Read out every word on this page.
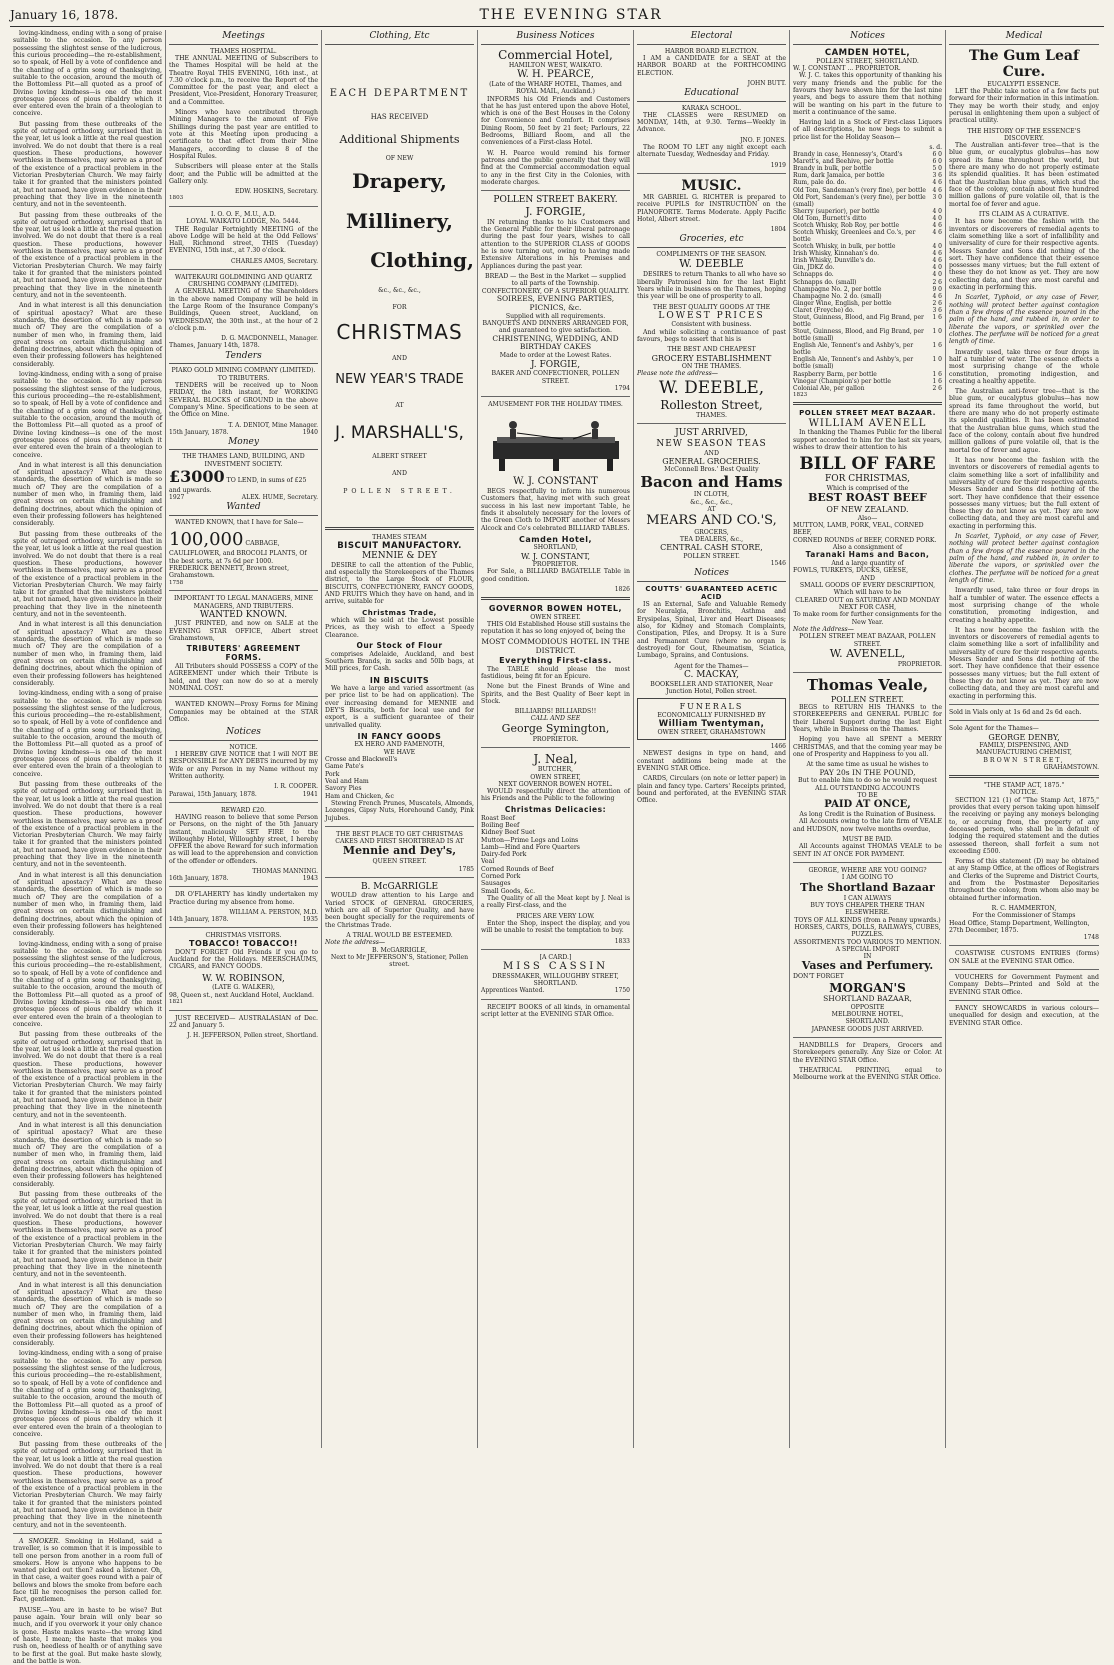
January 16, 1878.	THE EVENING STAR

loving-kindness, ending with a song of praise suitable to the occasion. To any person possessing the slightest sense of the ludicrous, this curious proceeding—the re-establishment, so to speak, of Hell by a vote of confidence and the chanting of a grim song of thanksgiving, suitable to the occasion, around the mouth of the Bottomless Pit—all quoted as a proof of Divine loving kindness—is one of the most grotesque pieces of pious ribaldry which it ever entered even the brain of a theologian to conceive.

But passing from these outbreaks of the spite of outraged orthodoxy, surprised that in the year, let us look a little at the real question involved. We do not doubt that there is a real question. These productions, however worthless in themselves, may serve as a proof of the existence of a practical problem in the Victorian Presbyterian Church. We may fairly take it for granted that the ministers pointed at, but not named, have given evidence in their preaching that they live in the nineteenth century, and not in the seventeenth.

But passing from these outbreaks of the spite of outraged orthodoxy, surprised that in the year, let us look a little at the real question involved. We do not doubt that there is a real question. These productions, however worthless in themselves, may serve as a proof of the existence of a practical problem in the Victorian Presbyterian Church. We may fairly take it for granted that the ministers pointed at, but not named, have given evidence in their preaching that they live in the nineteenth century, and not in the seventeenth.

And in what interest is all this denunciation of spiritual apostacy? What are these standards, the desertion of which is made so much of? They are the compilation of a number of men who, in framing them, laid great stress on certain distinguishing and defining doctrines, about which the opinion of even their professing followers has heightened considerably.

loving-kindness, ending with a song of praise suitable to the occasion. To any person possessing the slightest sense of the ludicrous, this curious proceeding—the re-establishment, so to speak, of Hell by a vote of confidence and the chanting of a grim song of thanksgiving, suitable to the occasion, around the mouth of the Bottomless Pit—all quoted as a proof of Divine loving kindness—is one of the most grotesque pieces of pious ribaldry which it ever entered even the brain of a theologian to conceive.

And in what interest is all this denunciation of spiritual apostacy? What are these standards, the desertion of which is made so much of? They are the compilation of a number of men who, in framing them, laid great stress on certain distinguishing and defining doctrines, about which the opinion of even their professing followers has heightened considerably.

But passing from these outbreaks of the spite of outraged orthodoxy, surprised that in the year, let us look a little at the real question involved. We do not doubt that there is a real question. These productions, however worthless in themselves, may serve as a proof of the existence of a practical problem in the Victorian Presbyterian Church. We may fairly take it for granted that the ministers pointed at, but not named, have given evidence in their preaching that they live in the nineteenth century, and not in the seventeenth.

And in what interest is all this denunciation of spiritual apostacy? What are these standards, the desertion of which is made so much of? They are the compilation of a number of men who, in framing them, laid great stress on certain distinguishing and defining doctrines, about which the opinion of even their professing followers has heightened considerably.

loving-kindness, ending with a song of praise suitable to the occasion. To any person possessing the slightest sense of the ludicrous, this curious proceeding—the re-establishment, so to speak, of Hell by a vote of confidence and the chanting of a grim song of thanksgiving, suitable to the occasion, around the mouth of the Bottomless Pit—all quoted as a proof of Divine loving kindness—is one of the most grotesque pieces of pious ribaldry which it ever entered even the brain of a theologian to conceive.

But passing from these outbreaks of the spite of outraged orthodoxy, surprised that in the year, let us look a little at the real question involved. We do not doubt that there is a real question. These productions, however worthless in themselves, may serve as a proof of the existence of a practical problem in the Victorian Presbyterian Church. We may fairly take it for granted that the ministers pointed at, but not named, have given evidence in their preaching that they live in the nineteenth century, and not in the seventeenth.

And in what interest is all this denunciation of spiritual apostacy? What are these standards, the desertion of which is made so much of? They are the compilation of a number of men who, in framing them, laid great stress on certain distinguishing and defining doctrines, about which the opinion of even their professing followers has heightened considerably.

loving-kindness, ending with a song of praise suitable to the occasion. To any person possessing the slightest sense of the ludicrous, this curious proceeding—the re-establishment, so to speak, of Hell by a vote of confidence and the chanting of a grim song of thanksgiving, suitable to the occasion, around the mouth of the Bottomless Pit—all quoted as a proof of Divine loving kindness—is one of the most grotesque pieces of pious ribaldry which it ever entered even the brain of a theologian to conceive.

But passing from these outbreaks of the spite of outraged orthodoxy, surprised that in the year, let us look a little at the real question involved. We do not doubt that there is a real question. These productions, however worthless in themselves, may serve as a proof of the existence of a practical problem in the Victorian Presbyterian Church. We may fairly take it for granted that the ministers pointed at, but not named, have given evidence in their preaching that they live in the nineteenth century, and not in the seventeenth.

And in what interest is all this denunciation of spiritual apostacy? What are these standards, the desertion of which is made so much of? They are the compilation of a number of men who, in framing them, laid great stress on certain distinguishing and defining doctrines, about which the opinion of even their professing followers has heightened considerably.

But passing from these outbreaks of the spite of outraged orthodoxy, surprised that in the year, let us look a little at the real question involved. We do not doubt that there is a real question. These productions, however worthless in themselves, may serve as a proof of the existence of a practical problem in the Victorian Presbyterian Church. We may fairly take it for granted that the ministers pointed at, but not named, have given evidence in their preaching that they live in the nineteenth century, and not in the seventeenth.

And in what interest is all this denunciation of spiritual apostacy? What are these standards, the desertion of which is made so much of? They are the compilation of a number of men who, in framing them, laid great stress on certain distinguishing and defining doctrines, about which the opinion of even their professing followers has heightened considerably.

loving-kindness, ending with a song of praise suitable to the occasion. To any person possessing the slightest sense of the ludicrous, this curious proceeding—the re-establishment, so to speak, of Hell by a vote of confidence and the chanting of a grim song of thanksgiving, suitable to the occasion, around the mouth of the Bottomless Pit—all quoted as a proof of Divine loving kindness—is one of the most grotesque pieces of pious ribaldry which it ever entered even the brain of a theologian to conceive.

But passing from these outbreaks of the spite of outraged orthodoxy, surprised that in the year, let us look a little at the real question involved. We do not doubt that there is a real question. These productions, however worthless in themselves, may serve as a proof of the existence of a practical problem in the Victorian Presbyterian Church. We may fairly take it for granted that the ministers pointed at, but not named, have given evidence in their preaching that they live in the nineteenth century, and not in the seventeenth.

A SMOKER. Smoking in Holland, said a traveller, is so common that it is impossible to tell one person from another in a room full of smokers. How is anyone who happens to be wanted picked out then? asked a listener. Oh, in that case, a waiter goes round with a pair of bellows and blows the smoke from before each face till he recognises the person called for. Fact, gentlemen.

PAUSE.—You are in haste to be wise? But pause again. Your brain will only bear so much, and if you overwork it your only chance is gone. Haste makes waste—the wrong kind of haste, I mean; the haste that makes you rush on, heedless of health or of anything save to be first at the goal. But make haste slowly, and the battle is won.

Meetings
THAMES HOSPITAL.

THE ANNUAL MEETING of Subscribers to the Thames Hospital will be held at the Theatre Royal THIS EVENING, 16th inst., at 7.30 o'clock p.m., to receive the Report of the Committee for the past year, and elect a President, Vice-President, Honorary Treasurer, and a Committee.

Minors who have contributed through Mining Managers to the amount of Five Shillings during the past year are entitled to vote at this Meeting upon producing a certificate to that effect from their Mine Managers, according to clause 8 of the Hospital Rules.

Subscribers will please enter at the Stalls door, and the Public will be admitted at the Gallery only.

EDW. HOSKINS, Secretary.
1803
I. O. O. F., M.U., A.D.
LOYAL WAIKATO LODGE, No. 5444.

THE Regular Fortnightly MEETING of the above Lodge will be held at the Odd Fellows' Hall, Richmond street, THIS (Tuesday) EVENING, 15th inst., at 7.30 o'clock.

CHARLES AMOS, Secretary.
WAITEKAURI GOLDMINING AND QUARTZ CRUSHING COMPANY (LIMITED).

A GENERAL MEETING of the Shareholders in the above named Company will be held in the Large Room of the Insurance Company's Buildings, Queen street, Auckland, on WEDNESDAY, the 30th inst., at the hour of 2 o'clock p.m.

D. G. MACDONNELL, Manager.
Thames, January 14th, 1878.
Tenders
PIAKO GOLD MINING COMPANY (LIMITED).
TO TRIBUTERS.

TENDERS will be received up to Noon FRIDAY, the 18th instant, for WORKING SEVERAL BLOCKS of GROUND in the above Company's Mine. Specifications to be seen at the Office on Mine.

T. A. DENIOT, Mine Manager.
15th January, 1878.	1940
Money
THE THAMES LAND, BUILDING, AND INVESTMENT SOCIETY.
£3000 TO LEND, in sums of £25 and upwards.
1927	ALEX. HUME, Secretary.
Wanted

WANTED KNOWN, that I have for Sale—

100,000 CABBAGE, CAULIFLOWER, and BROCOLI PLANTS, Of the best sorts, at 7s 6d per 1000.
FREDERICK BENNETT, Brown street, Grahamstown.
1758
IMPORTANT TO LEGAL MANAGERS, MINE MANAGERS, AND TRIBUTERS.
WANTED KNOWN.

JUST PRINTED, and now on SALE at the EVENING STAR OFFICE, Albert street Grahamstown,

TRIBUTERS' AGREEMENT FORMS.

All Tributers should POSSESS a COPY of the AGREEMENT under which their Tribute is held, and they can now do so at a merely NOMINAL COST.

WANTED KNOWN—Proxy Forms for Mining Companies may be obtained at the STAR Office.

Notices
NOTICE.

I HEREBY GIVE NOTICE that I will NOT BE RESPONSIBLE for ANY DEBTS incurred by my Wife or any Person in my Name without my Written authority.

I. R. COOPER.
Parawai, 15th January, 1878.	1941
REWARD £20.

HAVING reason to believe that some Person or Persons, on the night of the 5th January instant, maliciously SET FIRE to the Willoughby Hotel, Willoughby street, I hereby OFFER the above Reward for such information as will lead to the apprehension and conviction of the offender or offenders.

THOMAS MANNING.
16th January, 1878.	1943

DR O'FLAHERTY has kindly undertaken my Practice during my absence from home.

WILLIAM A. PERSTON, M.D.
14th January, 1878.	1935
CHRISTMAS VISITORS.
TOBACCO! TOBACCO!!

DON'T FORGET Old Friends if you go to Auckland for the Holidays. MEERSCHAUMS, CIGARS, and FANCY GOODS.

W. W. ROBINSON,
(LATE G. WALKER),
98, Queen st., next Auckland Hotel, Auckland.
1821

JUST RECEIVED— AUSTRALASIAN of Dec. 22 and January 5.

J. H. JEFFERSON, Pollen street, Shortland.
Clothing, Etc
EACH DEPARTMENT
HAS RECEIVED
Additional Shipments
OF NEW
Drapery,
Millinery,
Clothing,
&c., &c., &c.,
FOR
CHRISTMAS
AND
NEW YEAR'S TRADE
AT
J. MARSHALL'S,
ALBERT STREET
AND
POLLEN STREET.
THAMES STEAM
BISCUIT MANUFACTORY.
MENNIE & DEY

DESIRE to call the attention of the Public, and especially the Storekeepers of the Thames district, to the Large Stock of FLOUR, BISCUITS, CONFECTIONERY, FANCY GOODS, AND FRUITS Which they have on hand, and in arrive, suitable for

Christmas Trade,

which will be sold at the Lowest possible Prices, as they wish to effect a Speedy Clearance.

Our Stock of Flour

comprises Adelaide, Auckland, and best Southern Brands, in sacks and 50lb bags, at Mill prices, for Cash.

IN BISCUITS

We have a large and varied assortment (as per price list to be had on application). The ever increasing demand for MENNIE and DEY'S Biscuits, both for local use and for export, is a sufficient guarantee of their unrivalled quality.

IN FANCY GOODS
EX HERO AND FAMENOTH,
WE HAVE
Crosse and Blackwell's
Game Pate's
Pork
Veal and Ham
Savory Pies
Ham and Chicken, &c

Stewing French Prunes, Muscatels, Almonds, Lozenges, Gipsy Nuts, Horehound Candy, Pink Jujubes.

THE BEST PLACE TO GET CHRISTMAS CAKES AND FIRST SHORTBREAD IS AT
Mennie and Dey's,
QUEEN STREET.
1785
B. McGARRIGLE

WOULD draw attention to his Large and Varied STOCK of GENERAL GROCERIES, which are all of Superior Quality, and have been bought specially for the requirements of the Christmas Trade.

A TRIAL WOULD BE ESTEEMED.
Note the address—
B. McGARRIGLE,
Next to Mr JEFFERSON'S, Stationer, Pollen street.
Business Notices
Commercial Hotel,
HAMILTON WEST, WAIKATO.
W. H. PEARCE,
(Late of the WHARF HOTEL, Thames, and ROYAL MAIL, Auckland.)

INFORMS his Old Friends and Customers that he has just entered upon the above Hotel, which is one of the Best Houses in the Colony for Convenience and Comfort. It comprises Dining Room, 50 feet by 21 feet; Parlours, 22 Bedrooms, Billiard Room, and all the conveniences of a First-class Hotel.

W. H. Pearce would remind his former patrons and the public generally that they will find at the Commercial accommodation equal to any in the first City in the Colonies, with moderate charges.

POLLEN STREET BAKERY.
J. FORGIE,

IN returning thanks to his Customers and the General Public for their liberal patronage during the past four years, wishes to call attention to the SUPERIOR CLASS of GOODS he is now turning out, owing to having made Extensive Alterations in his Premises and Appliances during the past year.

BREAD — the Best in the Market — supplied to all parts of the Township.
CONFECTIONERY, OF A SUPERIOR QUALITY.
SOIREES, EVENING PARTIES, PICNICS, &c.
Supplied with all requirements.
BANQUETS AND DINNERS ARRANGED FOR, and guaranteed to give satisfaction.
CHRISTENING, WEDDING, AND BIRTHDAY CAKES
Made to order at the Lowest Rates.
J. FORGIE,
BAKER AND CONFECTIONER, POLLEN STREET.
1794
AMUSEMENT FOR THE HOLIDAY TIMES.
W. J. CONSTANT

BEGS respectfully to inform his numerous Customers that, having met with such great success in his last new important Table, he finds it absolutely necessary for the lovers of the Green Cloth to IMPORT another of Messrs Alcock and Co's celebrated BILLIARD TABLES.

Camden Hotel,
SHORTLAND,
W. J. CONSTANT,
PROPRIETOR.

For Sale, a BILLIARD BAGATELLE Table in good condition.

1826
GOVERNOR BOWEN HOTEL,
OWEN STREET.

THIS Old Established House still sustains the reputation it has so long enjoyed of, being the

MOST COMMODIOUS HOTEL IN THE DISTRICT.
Everything First-class.

The TABLE should please the most fastidious, being fit for an Epicure.

None but the Finest Brands of Wine and Spirits, and the Best Quality of Beer kept in Stock.

BILLIARDS! BILLIARDS!!
CALL AND SEE
George Symington,
PROPRIETOR.
J. Neal,
BUTCHER,
OWEN STREET,
NEXT GOVERNOR BOWEN HOTEL.

WOULD respectfully direct the attention of his Friends and the Public to the following

Christmas Delicacies:
Roast Beef
Boiling Beef
Kidney Beef Suet
Mutton—Prime Legs and Loins
Lamb—Hind and Fore Quarters
Dairy-fed Pork
Veal
Corned Rounds of Beef
Corned Pork
Sausages
Small Goods, &c.

The Quality of all the Meat kept by J. Neal is a really First-class, and the

PRICES ARE VERY LOW.

Enter the Shop, inspect the display, and you will be unable to resist the temptation to buy.

1833
[A CARD.]
MISS CASSIN
DRESSMAKER, WILLOUGHBY STREET, SHORTLAND.
Apprentices Wanted.	1750

RECEIPT BOOKS of all kinds, in ornamental script letter at the EVENING STAR Office.

Electoral
HARBOR BOARD ELECTION.

I AM a CANDIDATE for a SEAT at the HARBOR BOARD at the FORTHCOMING ELECTION.

JOHN BUTT.
Educational
KARAKA SCHOOL.

THE CLASSES were RESUMED on MONDAY, 14th, at 9.30. Terms—Weekly in Advance.

JNO. F. JONES.

The ROOM TO LET any night except each alternate Tuesday, Wednesday and Friday.

1919
MUSIC.

MR GABRIEL G. RICHTER is prepared to receive PUPILS for INSTRUCTION on the PIANOFORTE. Terms Moderate. Apply Pacific Hotel, Albert street.

1804
Groceries, etc
COMPLIMENTS OF THE SEASON.
W. DEEBLE

DESIRES to return Thanks to all who have so liberally Patronised him for the last Eight Years while in business on the Thames, hoping this year will be one of prosperity to all.

THE BEST QUALITY GOODS AT THE
LOWEST PRICES
Consistent with business.

And while soliciting a continuance of past favours, begs to assert that his is

THE BEST AND CHEAPEST
GROCERY ESTABLISHMENT
ON THE THAMES.
Please note the address—
W. DEEBLE,
Rolleston Street,
THAMES.
JUST ARRIVED,
NEW SEASON TEAS
AND
GENERAL GROCERIES.
McConnell Bros.' Best Quality
Bacon and Hams
IN CLOTH,
&c., &c., &c.,
AT
MEARS AND CO.'S,
GROCERS,
TEA DEALERS, &c.,
CENTRAL CASH STORE,
POLLEN STREET.
1546
Notices
COUTTS' GUARANTEED ACETIC ACID

IS an External, Safe and Valuable Remedy for Neuralgia, Bronchitis, Asthma and Erysipelas, Spinal, Liver and Heart Diseases; also, for Kidney and Stomach Complaints, Constipation, Piles, and Dropsy. It is a Sure and Permanent Cure (where no organ is destroyed) for Gout, Rheumatism, Sciatica, Lumbago, Sprains, and Contusions.

Agent for the Thames—
C. MACKAY,
BOOKSELLER AND STATIONER, Near Junction Hotel, Pollen street.
FUNERALS
ECONOMICALLY FURNISHED BY
William Twentyman,
OWEN STREET, GRAHAMSTOWN
1466

NEWEST designs in type on hand, and constant additions being made at the EVENING STAR Office.

CARDS, Circulars (on note or letter paper) in plain and fancy type. Carters' Receipts printed, bound and perforated, at the EVENING STAR Office.

Notices
CAMDEN HOTEL,
POLLEN STREET, SHORTLAND.
W. J. CONSTANT ... PROPRIETOR.

W. J. C. takes this opportunity of thanking his very many friends and the public for the favours they have shown him for the last nine years, and begs to assure them that nothing will be wanting on his part in the future to merit a continuance of the same.

Having laid in a Stock of First-class Liquors of all descriptions, he now begs to submit a price list for the Holiday Season—

s. d.
Brandy in case, Hennessy's, Otard's	6 0
Marett's, and Beehive, per bottle	6 0
Brandy in bulk, per bottle	5 0
Rum, dark Jamaica, per bottle	3 6
Rum, pale do. do.	4 6
Old Tom, Sandeman's (very fine), per bottle 4 6
Old Port, Sandeman's (very fine), per bottle (small)
3 0
Sherry (superior), per bottle	4 0
Old Tom, Burnett's ditto	4 0
Scotch Whisky, Rob Roy, per bottle	4 6
Scotch Whisky, Greenlees and Co.'s, per bottle
4 6
Scotch Whisky, in bulk, per bottle	4 0
Irish Whisky, Kinnahan's do.	4 6
Irish Whisky, Dunville's do.	4 6
Gin, JDKZ do.	4 0
Schnapps do.	4 0
Schnapps do. (small)	2 6
Champagne No. 2, per bottle	9 0
Champagne No. 2 do. (small)	4 6
Ginger Wine, English, per bottle	2 6
Claret (Freyche) do.	3 6
Stout, Guinness, Blood, and Fig Brand, per bottle
1 6
Stout, Guinness, Blood, and Fig Brand, per bottle (small)
1 0
English Ale, Tennent's and Ashby's, per bottle
1 6
English Ale, Tennent's and Ashby's, per bottle (small)
1 0
Raspberry Barm, per bottle	1 6
Vinegar (Champion's) per bottle	1 6
Colonial Ale, per gallon	2 6
1823
POLLEN STREET MEAT BAZAAR.
WILLIAM AVENELL

In thanking the Thames Public for the liberal support accorded to him for the last six years, wishes to draw their attention to his

BILL OF FARE
FOR CHRISTMAS,
Which is comprised of the
BEST ROAST BEEF
OF NEW ZEALAND.
Also—
MUTTON, LAMB, PORK, VEAL, CORNED BEEF,
CORNED ROUNDS of BEEF, CORNED PORK.
Also a consignment of
Taranaki Hams and Bacon,
And a large quantity of
FOWLS, TURKEYS, DUCKS, GEESE,
AND
SMALL GOODS OF EVERY DESCRIPTION,
Which will have to be
CLEARED OUT on SATURDAY AND MONDAY NEXT FOR CASH,
To make room for further consignments for the New Year.
Note the Address—
POLLEN STREET MEAT BAZAAR, POLLEN STREET.
W. AVENELL,
PROPRIETOR.
Thomas Veale,
POLLEN STREET.

BEGS to RETURN HIS THANKS to the STOREKEEPERS and GENERAL PUBLIC for their Liberal Support during the last Eight Years, while in Business on the Thames.

Hoping you have all SPENT a MERRY CHRISTMAS, and that the coming year may be one of Prosperity and Happiness to you all.

At the same time as usual he wishes to
PAY 20s IN THE POUND,
But to enable him to do so he would request
ALL OUTSTANDING ACCOUNTS
TO BE
PAID AT ONCE,
As long Credit is the Ruination of Business.

All Accounts owing to the late firm of VEALE and HUDSON, now twelve months overdue,

MUST BE PAID.

All Accounts against THOMAS VEALE to be SENT IN AT ONCE FOR PAYMENT.

GEORGE, WHERE ARE YOU GOING?
I AM GOING TO
The Shortland Bazaar
I CAN ALWAYS
BUY TOYS CHEAPER THERE THAN ELSEWHERE.
TOYS OF ALL KINDS (from a Penny upwards.)
HORSES, CARTS, DOLLS, RAILWAYS, CUBES, PUZZLES.
ASSORTMENTS TOO VARIOUS TO MENTION.
A SPECIAL IMPORT
IN
Vases and Perfumery.
DON'T FORGET
MORGAN'S
SHORTLAND BAZAAR,
OPPOSITE
MELBOURNE HOTEL,
SHORTLAND.
JAPANESE GOODS JUST ARRIVED.

HANDBILLS for Drapers, Grocers and Storekeepers generally. Any Size or Color. At the EVENING STAR Office.

THEATRICAL PRINTING, equal to Melbourne work at the EVENING STAR Office.

Medical
The Gum Leaf Cure.
EUCALYPTI ESSENCE.

LET the Public take notice of a few facts put forward for their information in this intimation. They may be worth their study, and enjoy perusal in enlightening them upon a subject of practical utility.

THE HISTORY OF THE ESSENCE'S DISCOVERY.

The Australian anti-fever tree—that is the blue gum, or eucalyptus globulus—has now spread its fame throughout the world, but there are many who do not properly estimate its splendid qualities. It has been estimated that the Australian blue gums, which stud the face of the colony, contain about five hundred million gallons of pure volatile oil, that is the mortal foe of fever and ague.

ITS CLAIM AS A CURATIVE.

It has now become the fashion with the inventors or discoverers of remedial agents to claim something like a sort of infallibility and universality of cure for their respective agents. Messrs Sander and Sons did nothing of the sort. They have confidence that their essence possesses many virtues; but the full extent of these they do not know as yet. They are now collecting data, and they are most careful and exacting in performing this.

In Scarlet, Typhoid, or any case of Fever, nothing will protect better against contagion than a few drops of the essence poured in the palm of the hand, and rubbed in, in order to liberate the vapors, or sprinkled over the clothes. The perfume will be noticed for a great length of time.

Inwardly used, take three or four drops in half a tumbler of water. The essence effects a most surprising change of the whole constitution, promoting indigestion, and creating a healthy appetite.

The Australian anti-fever tree—that is the blue gum, or eucalyptus globulus—has now spread its fame throughout the world, but there are many who do not properly estimate its splendid qualities. It has been estimated that the Australian blue gums, which stud the face of the colony, contain about five hundred million gallons of pure volatile oil, that is the mortal foe of fever and ague.

It has now become the fashion with the inventors or discoverers of remedial agents to claim something like a sort of infallibility and universality of cure for their respective agents. Messrs Sander and Sons did nothing of the sort. They have confidence that their essence possesses many virtues; but the full extent of these they do not know as yet. They are now collecting data, and they are most careful and exacting in performing this.

In Scarlet, Typhoid, or any case of Fever, nothing will protect better against contagion than a few drops of the essence poured in the palm of the hand, and rubbed in, in order to liberate the vapors, or sprinkled over the clothes. The perfume will be noticed for a great length of time.

Inwardly used, take three or four drops in half a tumbler of water. The essence effects a most surprising change of the whole constitution, promoting indigestion, and creating a healthy appetite.

It has now become the fashion with the inventors or discoverers of remedial agents to claim something like a sort of infallibility and universality of cure for their respective agents. Messrs Sander and Sons did nothing of the sort. They have confidence that their essence possesses many virtues; but the full extent of these they do not know as yet. They are now collecting data, and they are most careful and exacting in performing this.

Sold in Vials only at 1s 6d and 2s 6d each.
Sole Agent for the Thames—
GEORGE DENBY,
FAMILY, DISPENSING, AND MANUFACTURING CHEMIST,
BROWN STREET,
GRAHAMSTOWN.
"THE STAMP ACT, 1875."
NOTICE.

SECTION 121 (1) of "The Stamp Act, 1875," provides that every person taking upon himself the receiving or paying any moneys belonging to, or accruing from, the property of any deceased person, who shall be in default of lodging the required statement and the duties assessed thereon, shall forfeit a sum not exceeding £500.

Forms of this statement (D) may be obtained at any Stamp Office, at the offices of Registrars and Clerks of the Supreme and District Courts, and from the Postmaster Depositaries throughout the colony, from whom also may be obtained further information.

R. C. HAMMERTON,
For the Commissioner of Stamps
Head Office, Stamp Department, Wellington, 27th December, 1875.
1748

COASTWISE CUSTOMS ENTRIES (forms) ON SALE at the EVENING STAR Office.

VOUCHERS for Government Payment and Company Debts—Printed and Sold at the EVENING STAR Office.

FANCY SHOWCARDS in various colours—unequalled for design and execution, at the EVENING STAR Office.
